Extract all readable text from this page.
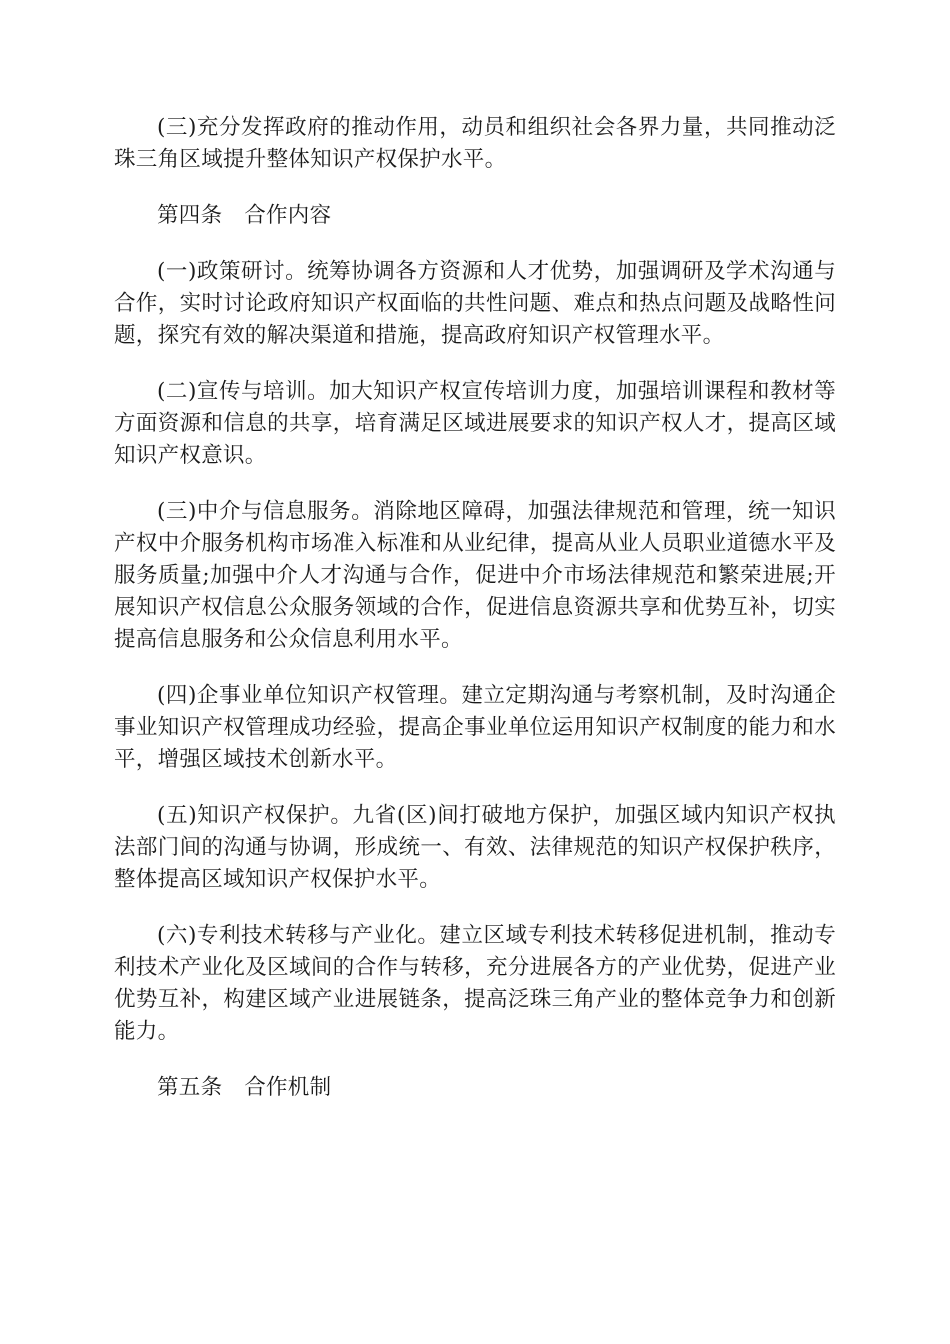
(三)充分发挥政府的推动作用，动员和组织社会各界力量，共同推动泛珠三角区域提升整体知识产权保护水平。

第四条　合作内容

(一)政策研讨。统筹协调各方资源和人才优势，加强调研及学术沟通与合作，实时讨论政府知识产权面临的共性问题、难点和热点问题及战略性问题，探究有效的解决渠道和措施，提高政府知识产权管理水平。

(二)宣传与培训。加大知识产权宣传培训力度，加强培训课程和教材等方面资源和信息的共享，培育满足区域进展要求的知识产权人才，提高区域知识产权意识。

(三)中介与信息服务。消除地区障碍，加强法律规范和管理，统一知识产权中介服务机构市场准入标准和从业纪律，提高从业人员职业道德水平及服务质量;加强中介人才沟通与合作，促进中介市场法律规范和繁荣进展;开展知识产权信息公众服务领域的合作，促进信息资源共享和优势互补，切实提高信息服务和公众信息利用水平。

(四)企事业单位知识产权管理。建立定期沟通与考察机制，及时沟通企事业知识产权管理成功经验，提高企事业单位运用知识产权制度的能力和水平，增强区域技术创新水平。

(五)知识产权保护。九省(区)间打破地方保护，加强区域内知识产权执法部门间的沟通与协调，形成统一、有效、法律规范的知识产权保护秩序，整体提高区域知识产权保护水平。

(六)专利技术转移与产业化。建立区域专利技术转移促进机制，推动专利技术产业化及区域间的合作与转移，充分进展各方的产业优势，促进产业优势互补，构建区域产业进展链条，提高泛珠三角产业的整体竞争力和创新能力。

第五条　合作机制
